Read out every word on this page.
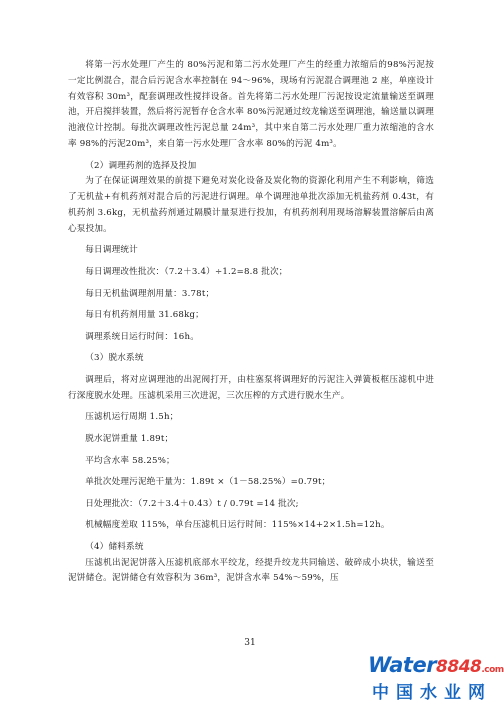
将第一污水处理厂产生的 80%污泥和第二污水处理厂产生的经重力浓缩后的98%污泥按一定比例混合，混合后污泥含水率控制在 94～96%，现场有污泥混合调理池 2 座，单座设计有效容积 30m³，配套调理改性搅拌设备。首先将第二污水处理厂污泥按设定流量输送至调理池，开启搅拌装置，然后将污泥暂存仓含水率 80%污泥通过绞龙输送至调理池，输送量以调理池液位计控制。每批次调理改性污泥总量 24m³，其中来自第二污水处理厂重力浓缩池的含水率 98%的污泥20m³，来自第一污水处理厂含水率 80%的污泥 4m³。

（2）调理药剂的选择及投加

为了在保证调理效果的前提下避免对炭化设备及炭化物的资源化利用产生不利影响，筛选了无机盐+有机药剂对混合后的污泥进行调理。单个调理池单批次添加无机盐药剂 0.43t，有机药剂 3.6kg，无机盐药剂通过隔膜计量泵进行投加，有机药剂利用现场溶解装置溶解后由离心泵投加。

每日调理统计

每日调理改性批次：（7.2＋3.4）÷1.2=8.8 批次；

每日无机盐调理剂用量：3.78t；

每日有机药剂用量 31.68kg；

调理系统日运行时间：16h。

（3）脱水系统

调理后，将对应调理池的出泥阀打开，由柱塞泵将调理好的污泥注入弹簧板框压滤机中进行深度脱水处理。压滤机采用三次进泥，三次压榨的方式进行脱水生产。

压滤机运行周期 1.5h；

脱水泥饼重量 1.89t；

平均含水率 58.25%；

单批次处理污泥绝干量为：1.89t ×（1－58.25%）=0.79t；

日处理批次：（7.2＋3.4＋0.43）t / 0.79t =14 批次;

机械幅度差取 115%，单台压滤机日运行时间：115%×14+2×1.5h=12h。

（4）储料系统

压滤机出泥泥饼落入压滤机底部水平绞龙，经提升绞龙共同输送、破碎成小块状，输送至泥饼储仓。泥饼储仓有效容积为 36m³，泥饼含水率 54%～59%，压

31
Water8848.com
中国水业网
